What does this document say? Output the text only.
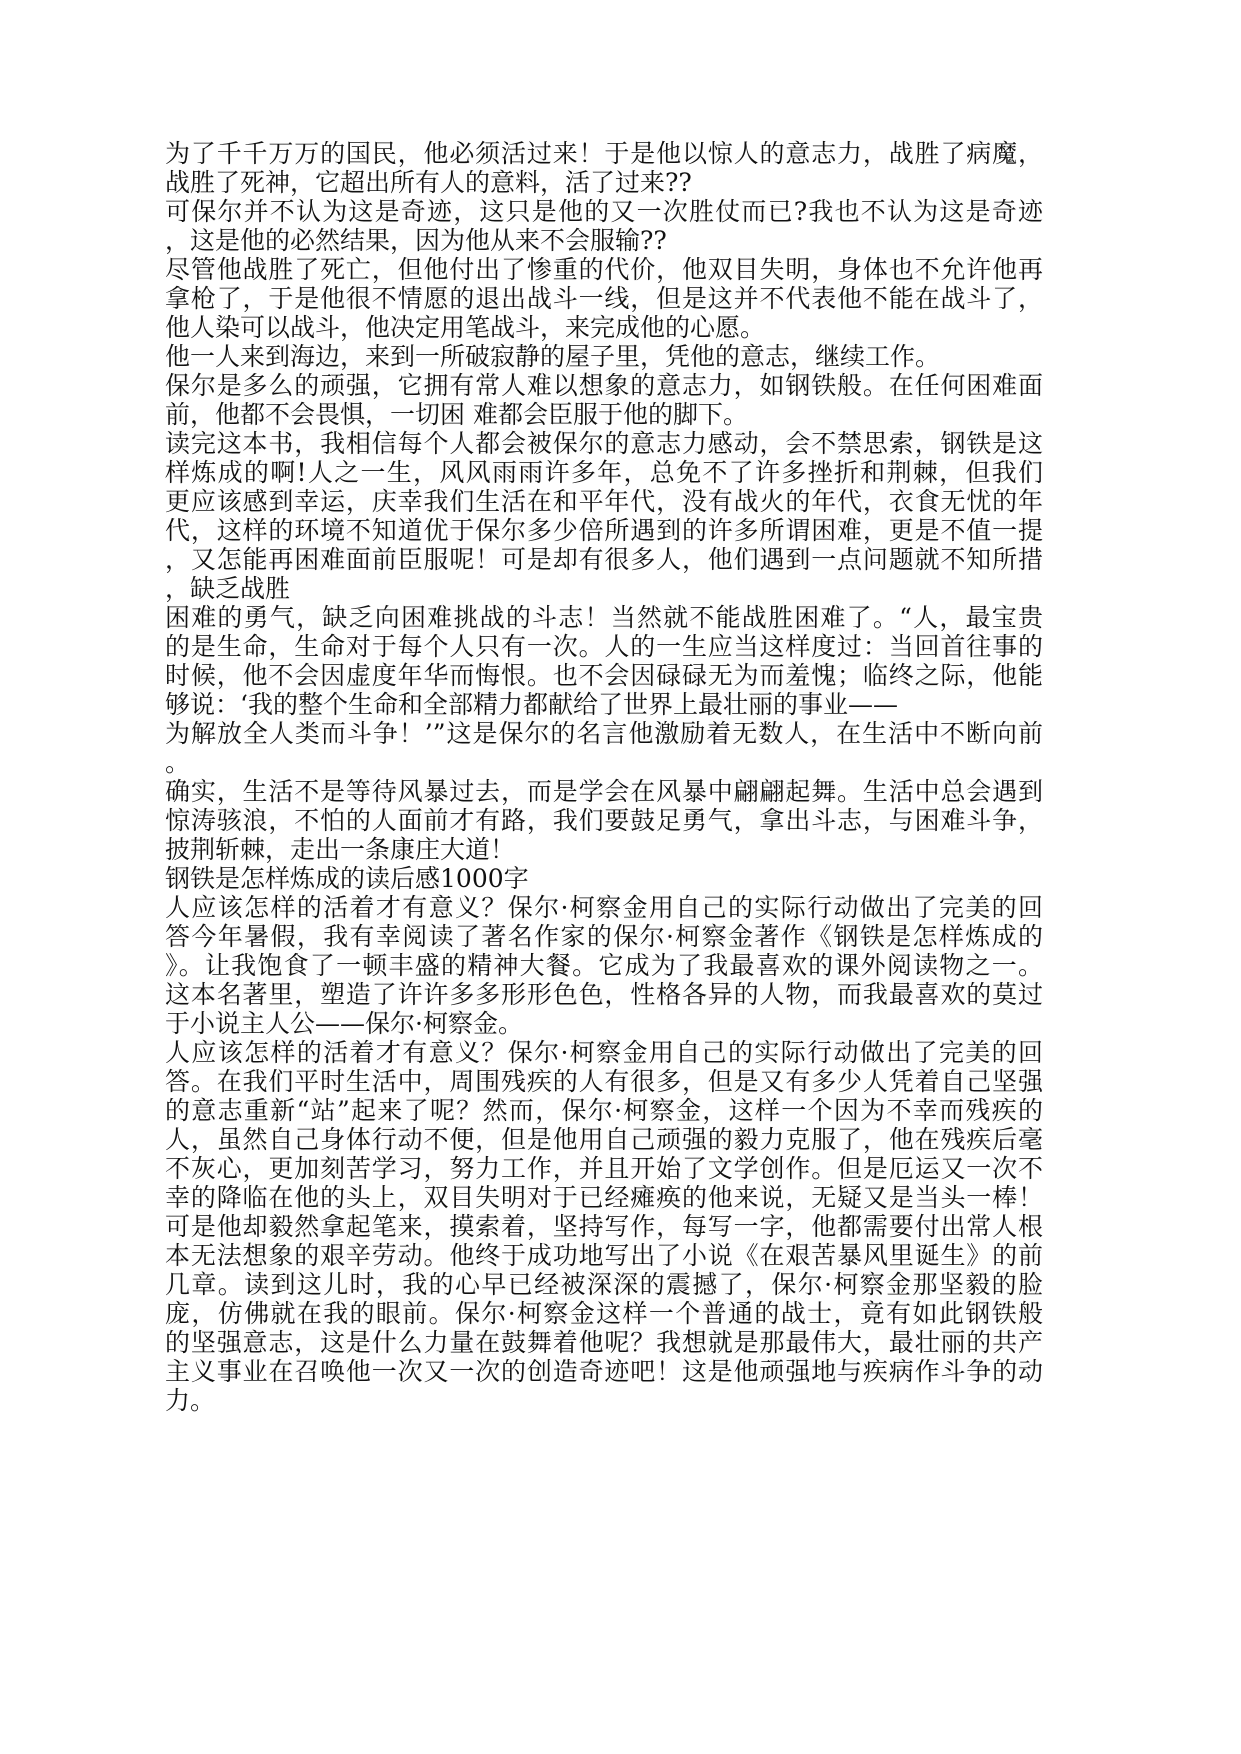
为了千千万万的国民，他必须活过来！于是他以惊人的意志力，战胜了病魔，
战胜了死神，它超出所有人的意料，活了过来??
可保尔并不认为这是奇迹，这只是他的又一次胜仗而已?我也不认为这是奇迹
，这是他的必然结果，因为他从来不会服输??
尽管他战胜了死亡，但他付出了惨重的代价，他双目失明，身体也不允许他再
拿枪了，于是他很不情愿的退出战斗一线，但是这并不代表他不能在战斗了，
他人染可以战斗，他决定用笔战斗，来完成他的心愿。
他一人来到海边，来到一所破寂静的屋子里，凭他的意志，继续工作。
保尔是多么的顽强，它拥有常人难以想象的意志力，如钢铁般。在任何困难面
前，他都不会畏惧，一切困 难都会臣服于他的脚下。
读完这本书，我相信每个人都会被保尔的意志力感动，会不禁思索，钢铁是这
样炼成的啊!人之一生，风风雨雨许多年，总免不了许多挫折和荆棘，但我们
更应该感到幸运，庆幸我们生活在和平年代，没有战火的年代，衣食无忧的年
代，这样的环境不知道优于保尔多少倍所遇到的许多所谓困难，更是不值一提
，又怎能再困难面前臣服呢！可是却有很多人，他们遇到一点问题就不知所措
，缺乏战胜
困难的勇气，缺乏向困难挑战的斗志！当然就不能战胜困难了。“人，最宝贵
的是生命，生命对于每个人只有一次。人的一生应当这样度过：当回首往事的
时候，他不会因虚度年华而悔恨。也不会因碌碌无为而羞愧；临终之际，他能
够说：‘我的整个生命和全部精力都献给了世界上最壮丽的事业——
为解放全人类而斗争！’”这是保尔的名言他激励着无数人，在生活中不断向前
。
确实，生活不是等待风暴过去，而是学会在风暴中翩翩起舞。生活中总会遇到
惊涛骇浪，不怕的人面前才有路，我们要鼓足勇气，拿出斗志，与困难斗争，
披荆斩棘，走出一条康庄大道！
钢铁是怎样炼成的读后感1000字
人应该怎样的活着才有意义？保尔·柯察金用自己的实际行动做出了完美的回
答今年暑假，我有幸阅读了著名作家的保尔·柯察金著作《钢铁是怎样炼成的
》。让我饱食了一顿丰盛的精神大餐。它成为了我最喜欢的课外阅读物之一。
这本名著里，塑造了许许多多形形色色，性格各异的人物，而我最喜欢的莫过
于小说主人公——保尔·柯察金。
人应该怎样的活着才有意义？保尔·柯察金用自己的实际行动做出了完美的回
答。在我们平时生活中，周围残疾的人有很多，但是又有多少人凭着自己坚强
的意志重新“站”起来了呢？然而，保尔·柯察金，这样一个因为不幸而残疾的
人，虽然自己身体行动不便，但是他用自己顽强的毅力克服了，他在残疾后毫
不灰心，更加刻苦学习，努力工作，并且开始了文学创作。但是厄运又一次不
幸的降临在他的头上，双目失明对于已经瘫痪的他来说，无疑又是当头一棒！
可是他却毅然拿起笔来，摸索着，坚持写作，每写一字，他都需要付出常人根
本无法想象的艰辛劳动。他终于成功地写出了小说《在艰苦暴风里诞生》的前
几章。读到这儿时，我的心早已经被深深的震撼了，保尔·柯察金那坚毅的脸
庞，仿佛就在我的眼前。保尔·柯察金这样一个普通的战士，竟有如此钢铁般
的坚强意志，这是什么力量在鼓舞着他呢？我想就是那最伟大，最壮丽的共产
主义事业在召唤他一次又一次的创造奇迹吧！这是他顽强地与疾病作斗争的动
力。
